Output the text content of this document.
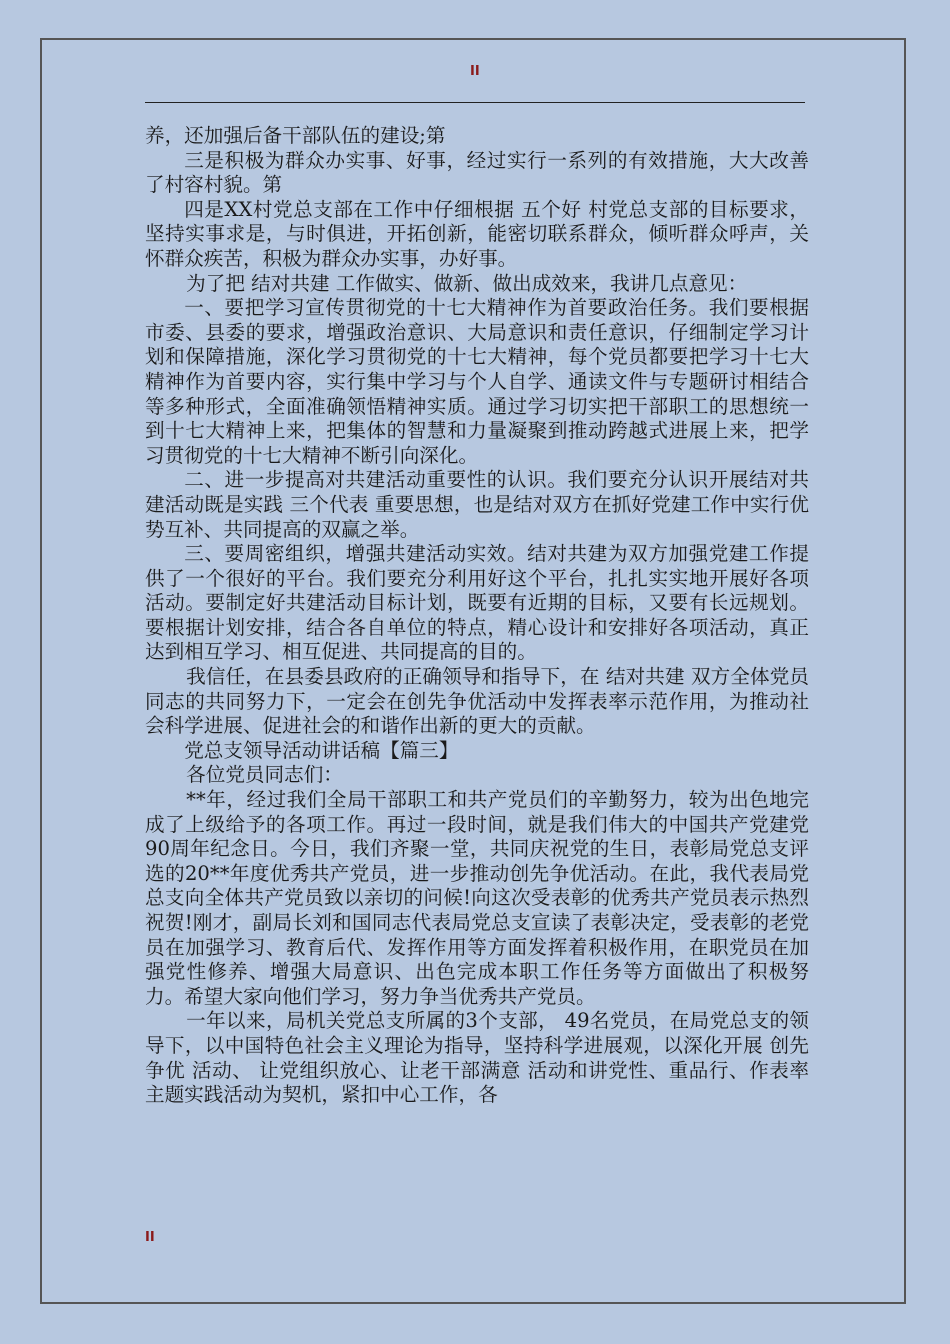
II

养，还加强后备干部队伍的建设;第

三是积极为群众办实事、好事，经过实行一系列的有效措施，大大改善了村容村貌。第

四是XX村党总支部在工作中仔细根据 五个好 村党总支部的目标要求，坚持实事求是，与时俱进，开拓创新，能密切联系群众，倾听群众呼声，关怀群众疾苦，积极为群众办实事，办好事。

为了把 结对共建 工作做实、做新、做出成效来，我讲几点意见：

一、要把学习宣传贯彻党的十七大精神作为首要政治任务。我们要根据市委、县委的要求，增强政治意识、大局意识和责任意识，仔细制定学习计划和保障措施，深化学习贯彻党的十七大精神，每个党员都要把学习十七大精神作为首要内容，实行集中学习与个人自学、通读文件与专题研讨相结合等多种形式，全面准确领悟精神实质。通过学习切实把干部职工的思想统一到十七大精神上来，把集体的智慧和力量凝聚到推动跨越式进展上来，把学习贯彻党的十七大精神不断引向深化。

二、进一步提高对共建活动重要性的认识。我们要充分认识开展结对共建活动既是实践 三个代表 重要思想，也是结对双方在抓好党建工作中实行优势互补、共同提高的双赢之举。

三、要周密组织，增强共建活动实效。结对共建为双方加强党建工作提供了一个很好的平台。我们要充分利用好这个平台，扎扎实实地开展好各项活动。要制定好共建活动目标计划，既要有近期的目标，又要有长远规划。要根据计划安排，结合各自单位的特点，精心设计和安排好各项活动，真正达到相互学习、相互促进、共同提高的目的。

我信任，在县委县政府的正确领导和指导下，在 结对共建 双方全体党员同志的共同努力下，一定会在创先争优活动中发挥表率示范作用，为推动社会科学进展、促进社会的和谐作出新的更大的贡献。

党总支领导活动讲话稿【篇三】

各位党员同志们：

**年，经过我们全局干部职工和共产党员们的辛勤努力，较为出色地完成了上级给予的各项工作。再过一段时间，就是我们伟大的中国共产党建党90周年纪念日。今日，我们齐聚一堂，共同庆祝党的生日，表彰局党总支评选的20**年度优秀共产党员，进一步推动创先争优活动。在此，我代表局党总支向全体共产党员致以亲切的问候!向这次受表彰的优秀共产党员表示热烈祝贺!刚才，副局长刘和国同志代表局党总支宣读了表彰决定，受表彰的老党员在加强学习、教育后代、发挥作用等方面发挥着积极作用，在职党员在加强党性修养、增强大局意识、出色完成本职工作任务等方面做出了积极努力。希望大家向他们学习，努力争当优秀共产党员。

一年以来，局机关党总支所属的3个支部， 49名党员，在局党总支的领导下，以中国特色社会主义理论为指导，坚持科学进展观，以深化开展 创先争优 活动、 让党组织放心、让老干部满意 活动和讲党性、重品行、作表率 主题实践活动为契机，紧扣中心工作，各

II
